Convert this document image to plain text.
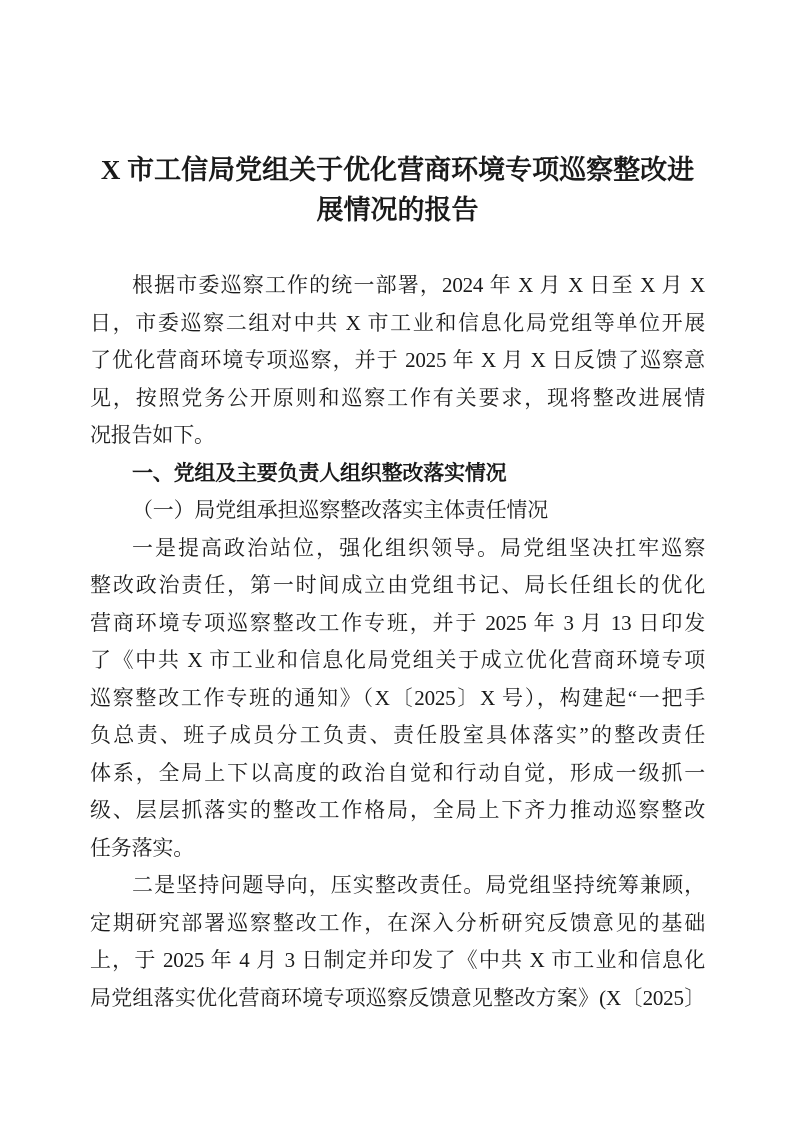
X 市工信局党组关于优化营商环境专项巡察整改进
展情况的报告
根据市委巡察工作的统一部署，2024 年 X 月 X 日至 X 月 X
日，市委巡察二组对中共 X 市工业和信息化局党组等单位开展
了优化营商环境专项巡察，并于 2025 年 X 月 X 日反馈了巡察意
见，按照党务公开原则和巡察工作有关要求，现将整改进展情
况报告如下。
一、党组及主要负责人组织整改落实情况
（一）局党组承担巡察整改落实主体责任情况
一是提高政治站位，强化组织领导。局党组坚决扛牢巡察
整改政治责任，第一时间成立由党组书记、局长任组长的优化
营商环境专项巡察整改工作专班，并于 2025 年 3 月 13 日印发
了《中共 X 市工业和信息化局党组关于成立优化营商环境专项
巡察整改工作专班的通知》（X〔2025〕X 号），构建起“一把手
负总责、班子成员分工负责、责任股室具体落实”的整改责任
体系，全局上下以高度的政治自觉和行动自觉，形成一级抓一
级、层层抓落实的整改工作格局，全局上下齐力推动巡察整改
任务落实。
二是坚持问题导向，压实整改责任。局党组坚持统筹兼顾，
定期研究部署巡察整改工作，在深入分析研究反馈意见的基础
上，于 2025 年 4 月 3 日制定并印发了《中共 X 市工业和信息化
局党组落实优化营商环境专项巡察反馈意见整改方案》(X〔2025〕
